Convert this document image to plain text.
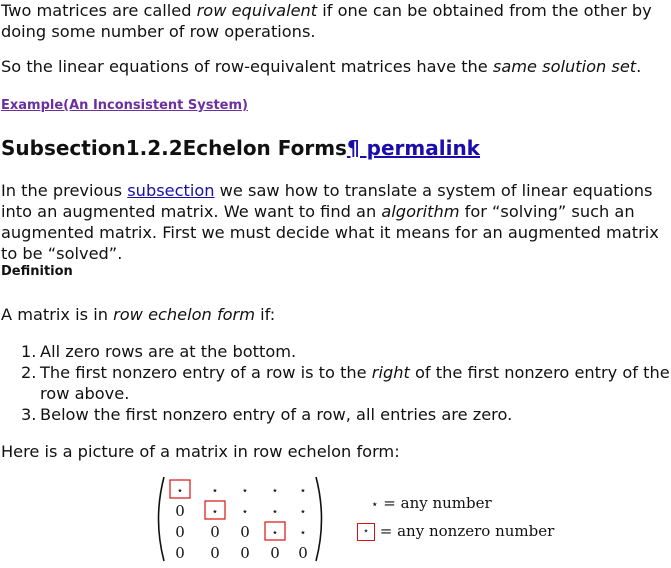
Two matrices are called row equivalent if one can be obtained from the other by doing some number of row operations.

So the linear equations of row-equivalent matrices have the same solution set.

Example(An Inconsistent System)
Subsection1.2.2Echelon Forms¶ permalink

In the previous subsection we saw how to translate a system of linear equations into an augmented matrix. We want to find an algorithm for “solving” such an augmented matrix. First we must decide what it means for an augmented matrix to be “solved”.

Definition

A matrix is in row echelon form if:

1. All zero rows are at the bottom.
2. The first nonzero entry of a row is to the right of the first nonzero entry of the row above.
3. Below the first nonzero entry of a row, all entries are zero.

Here is a picture of a matrix in row echelon form:

⋆	⋆ ⋆ ⋆ ⋆
0 ⋆ ⋆ ⋆ ⋆
0 0 0 ⋆ ⋆
0 0 0 0 0
⋆ = any number
⋆ = any nonzero number
